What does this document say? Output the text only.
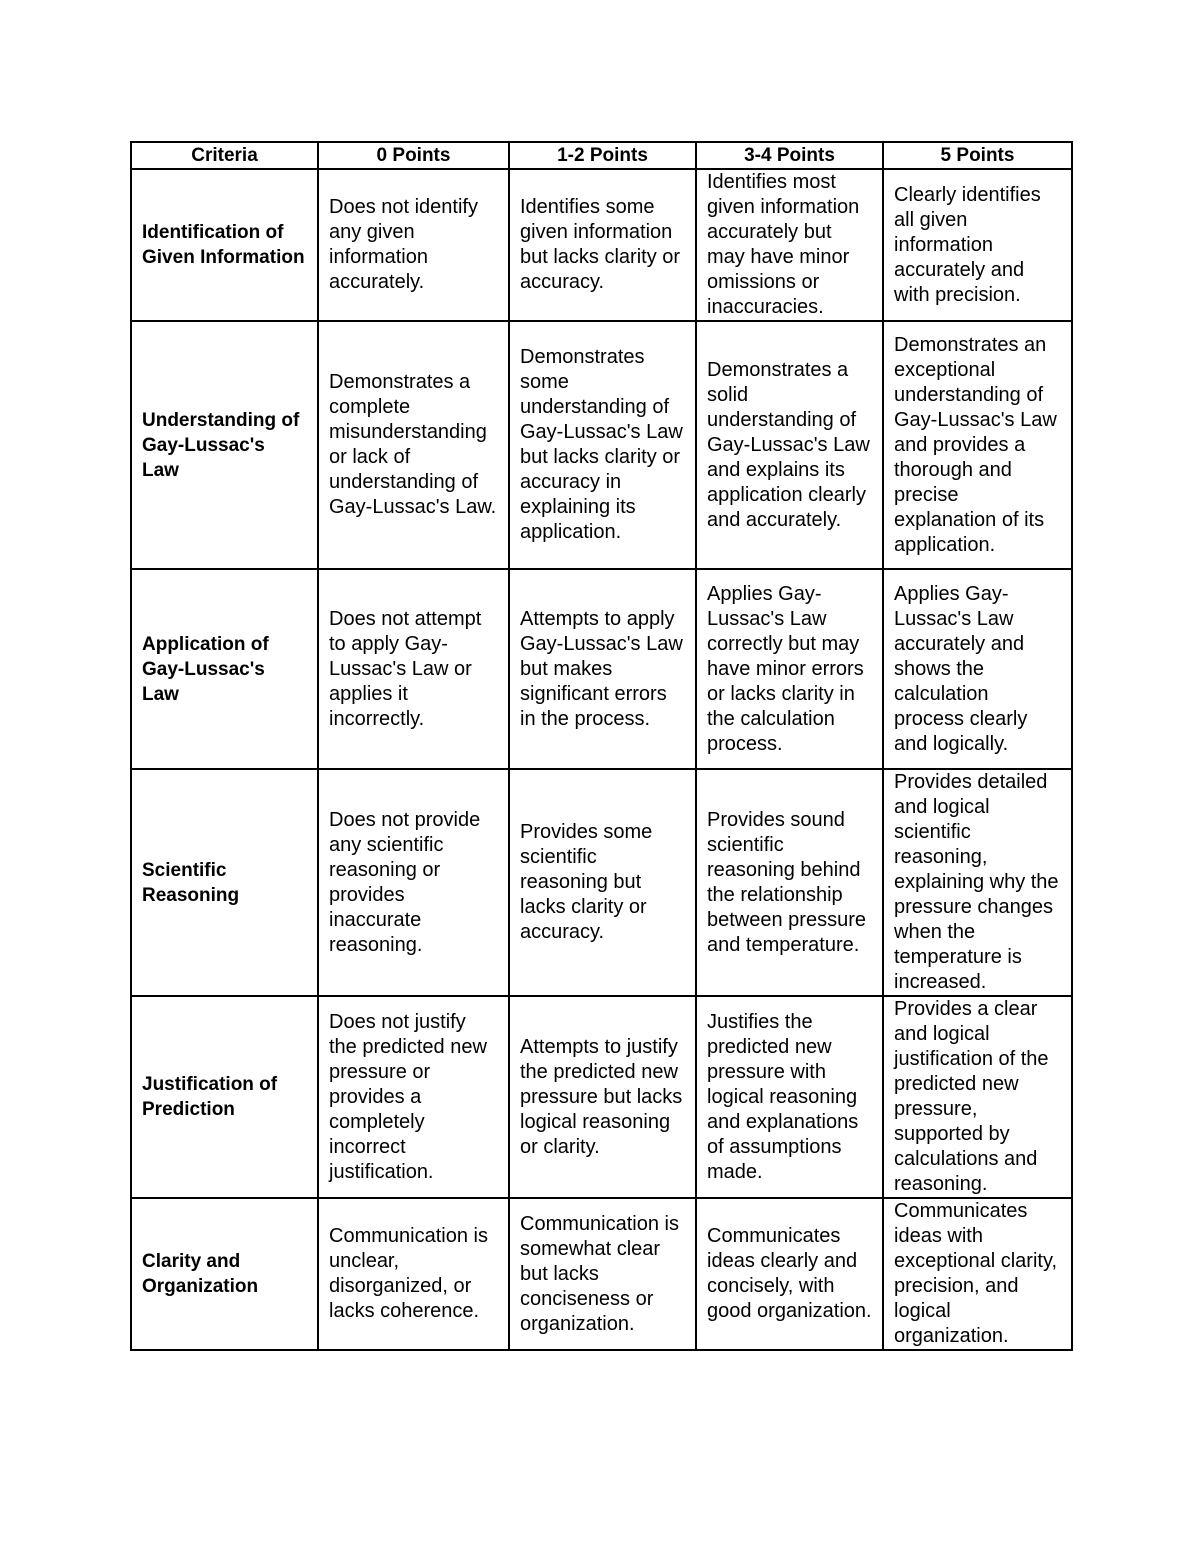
Criteria	0 Points	1-2 Points	3-4 Points	5 Points
Identification of Given Information	Does not identify any given information accurately.	Identifies some given information but lacks clarity or accuracy.	Identifies most given information accurately but may have minor omissions or inaccuracies.	Clearly identifies all given information accurately and with precision.
Understanding of Gay-Lussac's Law	Demonstrates a complete misunderstanding or lack of understanding of Gay-Lussac's Law.	Demonstrates some understanding of Gay-Lussac's Law but lacks clarity or accuracy in explaining its application.	Demonstrates a solid understanding of Gay-Lussac's Law and explains its application clearly and accurately.	Demonstrates an exceptional understanding of Gay-Lussac's Law and provides a thorough and precise explanation of its application.
Application of Gay-Lussac's Law	Does not attempt to apply Gay-Lussac's Law or applies it incorrectly.	Attempts to apply Gay-Lussac's Law but makes significant errors in the process.	Applies Gay-Lussac's Law correctly but may have minor errors or lacks clarity in the calculation process.	Applies Gay-Lussac's Law accurately and shows the calculation process clearly and logically.
Scientific Reasoning	Does not provide any scientific reasoning or provides inaccurate reasoning.	Provides some scientific reasoning but lacks clarity or accuracy.	Provides sound scientific reasoning behind the relationship between pressure and temperature.	Provides detailed and logical scientific reasoning, explaining why the pressure changes when the temperature is increased.
Justification of Prediction	Does not justify the predicted new pressure or provides a completely incorrect justification.	Attempts to justify the predicted new pressure but lacks logical reasoning or clarity.	Justifies the predicted new pressure with logical reasoning and explanations of assumptions made.	Provides a clear and logical justification of the predicted new pressure, supported by calculations and reasoning.
Clarity and Organization	Communication is unclear, disorganized, or lacks coherence.	Communication is somewhat clear but lacks conciseness or organization.	Communicates ideas clearly and concisely, with good organization.	Communicates ideas with exceptional clarity, precision, and logical organization.
